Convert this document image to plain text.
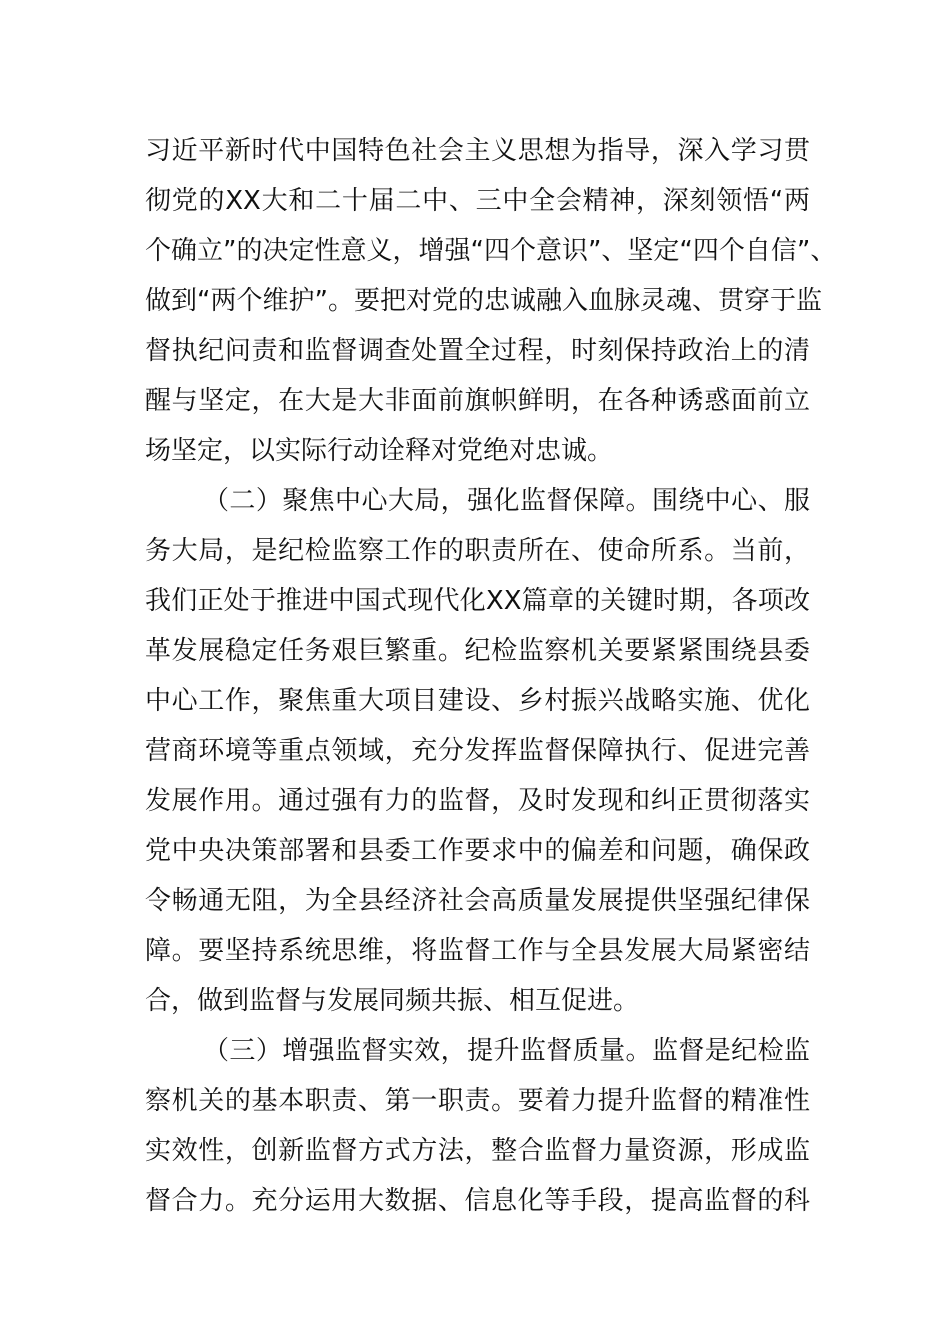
习近平新时代中国特色社会主义思想为指导，深入学习贯
彻党的XX大和二十届二中、三中全会精神，深刻领悟“两
个确立”的决定性意义，增强“四个意识”、坚定“四个自信”、
做到“两个维护”。要把对党的忠诚融入血脉灵魂、贯穿于监
督执纪问责和监督调查处置全过程，时刻保持政治上的清
醒与坚定，在大是大非面前旗帜鲜明，在各种诱惑面前立
场坚定，以实际行动诠释对党绝对忠诚。
（二）聚焦中心大局，强化监督保障。围绕中心、服
务大局，是纪检监察工作的职责所在、使命所系。当前，
我们正处于推进中国式现代化XX篇章的关键时期，各项改
革发展稳定任务艰巨繁重。纪检监察机关要紧紧围绕县委
中心工作，聚焦重大项目建设、乡村振兴战略实施、优化
营商环境等重点领域，充分发挥监督保障执行、促进完善
发展作用。通过强有力的监督，及时发现和纠正贯彻落实
党中央决策部署和县委工作要求中的偏差和问题，确保政
令畅通无阻，为全县经济社会高质量发展提供坚强纪律保
障。要坚持系统思维，将监督工作与全县发展大局紧密结
合，做到监督与发展同频共振、相互促进。
（三）增强监督实效，提升监督质量。监督是纪检监
察机关的基本职责、第一职责。要着力提升监督的精准性
实效性，创新监督方式方法，整合监督力量资源，形成监
督合力。充分运用大数据、信息化等手段，提高监督的科
